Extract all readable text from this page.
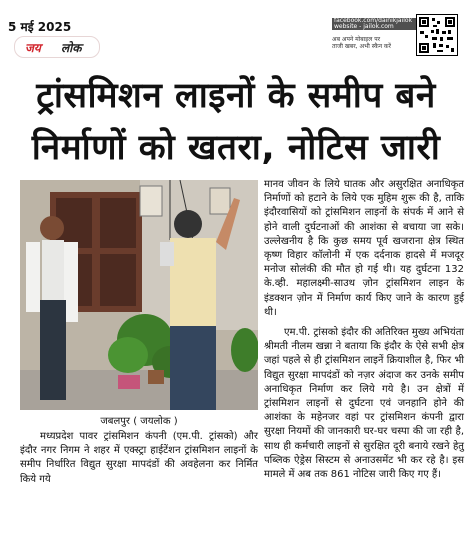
5 मई 2025
जय लोक
facebook.com/dainikjailok
website - jailok.com
अब अपने मोबाइल पर
ताजी खबर, अभी स्कैन करें
ट्रांसमिशन लाइनों के समीप बने
निर्माणों को खतरा, नोटिस जारी
जबलपुर ( जयलोक )

मानव जीवन के लिये घातक और असुरक्षित अनाधिकृत निर्माणों को हटाने के लिये एक मुहिम शुरू की है, ताकि इंदौरवासियों को ट्रांसमिशन लाइनों के संपर्क में आने से होने वाली दुर्घटनाओं की आशंका से बचाया जा सके। उल्लेखनीय है कि कुछ समय पूर्व खजराना क्षेत्र स्थित कृष्ण विहार कॉलोनी में एक दर्दनाक हादसे में मजदूर मनोज सोलंकी की मौत हो गई थी। यह दुर्घटना 132 के.व्ही. महालक्ष्मी-साउथ ज़ोन ट्रांसमिशन लाइन के इंडक्शन ज़ोन में निर्माण कार्य किए जाने के कारण हुई थी।

एम.पी. ट्रांसको इंदौर की अतिरिक्त मुख्य अभियंता श्रीमती नीलम खन्ना ने बताया कि इंदौर के ऐसे सभी क्षेत्र जहां पहले से ही ट्रांसमिशन लाइनें क्रियाशील है, फिर भी विद्युत सुरक्षा मापदंडों को नज़र अंदाज कर उनके समीप अनाधिकृत निर्माण कर लिये गये है। उन क्षेत्रों में ट्रांसमिशन लाइनों से दुर्घटना एवं जनहानि होने की आशंका के महेनजर वहां पर ट्रांसमिशन कंपनी द्वारा सुरक्षा नियमों की जानकारी घर-घर चस्पा की जा रही है, साथ ही कर्मचारी लाइनों से सुरक्षित दूरी बनाये रखने हेतु पब्लिक ऐड्रेस सिस्टम से अनाउसमेंट भी कर रहे है। इस मामले में अब तक 861 नोटिस जारी किए गए हैं।

मध्यप्रदेश पावर ट्रांसमिशन कंपनी (एम.पी. ट्रांसको) और इंदौर नगर निगम ने शहर में एक्स्ट्रा हाईटेंशन ट्रांसमिशन लाइनों के समीप निर्धारित विद्युत सुरक्षा मापदंडों की अवहेलना कर निर्मित किये गये
